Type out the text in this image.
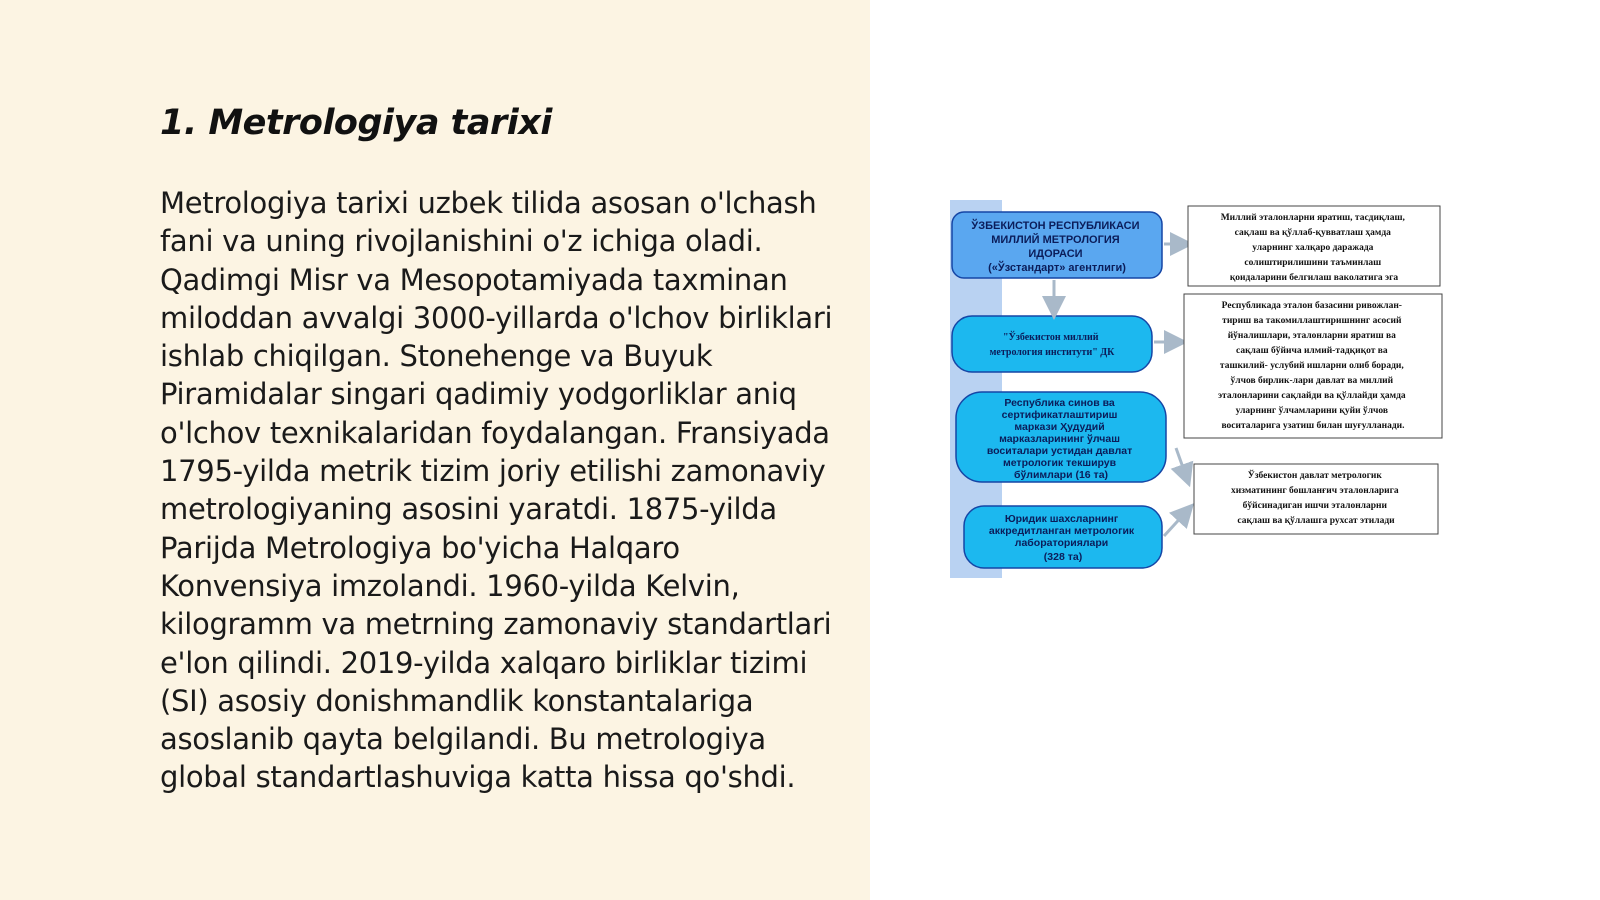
1. Metrologiya tarixi

Metrologiya tarixi uzbek tilida asosan o'lchash fani va uning rivojlanishini o'z ichiga oladi. Qadimgi Misr va Mesopotamiyada taxminan miloddan avvalgi 3000-yillarda o'lchov birliklari ishlab chiqilgan. Stonehenge va Buyuk Piramidalar singari qadimiy yodgorliklar aniq o'lchov texnikalaridan foydalangan. Fransiyada 1795-yilda metrik tizim joriy etilishi zamonaviy metrologiyaning asosini yaratdi. 1875-yilda Parijda Metrologiya bo'yicha Halqaro Konvensiya imzolandi. 1960-yilda Kelvin, kilogramm va metrning zamonaviy standartlari e'lon qilindi. 2019-yilda xalqaro birliklar tizimi (SI) asosiy donishmandlik konstantalariga asoslanib qayta belgilandi. Bu metrologiya global standartlashuviga katta hissa qo'shdi.

ЎЗБЕКИСТОН РЕСПУБЛИКАСИ МИЛЛИЙ МЕТРОЛОГИЯ ИДОРАСИ («Ўзстандарт» агентлиги)
"Ўзбекистон миллий метрология институти" ДК
Республика синов ва сертификатлаштириш маркази Ҳудудий марказларининг ўлчаш воситалари устидан давлат метрологик текширув бўлимлари (16 та)
Юридик шахсларнинг аккредитланган метрологик лабораториялари (328 та)
Миллий эталонларни яратиш, тасдиқлаш, сақлаш ва қўллаб-қувватлаш ҳамда уларнинг халқаро даражада солиштирилишини таъминлаш қоидаларини белгилаш ваколатига эга
Республикада эталон базасини ривожлан- тириш ва такомиллаштиришнинг асосий йўналишлари, эталонларни яратиш ва сақлаш бўйича илмий-тадқиқот ва ташкилий- услубий ишларни олиб боради, ўлчов бирлик-лари давлат ва миллий эталонларини сақлайди ва қўллайди ҳамда уларнинг ўлчамларини қуйи ўлчов воситаларига узатиш билан шуғулланади.
Ўзбекистон давлат метрологик хизматининг бошланғич эталонларига бўйсинадиган ишчи эталонларни сақлаш ва қўллашга рухсат этилади
